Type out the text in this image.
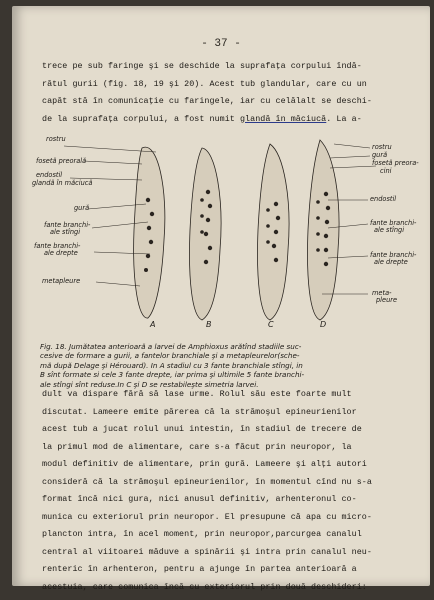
- 37 -
trece pe sub faringe şi se deschide la suprafaţa corpului îndă-
rătul gurii (fig. 18, 19 şi 20). Acest tub glandular, care cu un
capăt stă în comunicaţie cu faringele, iar cu celălalt se deschi-
de la suprafaţa corpului, a fost numit glandă în măciucă. La a-
rostru
fosetă preorală
endostil
glandă în măciucă
gură
fante branchi-
ale stîngi
fante branchi-
ale drepte
metapleure
rostru
gură
fosetă preora-
cini
endostil
fante branchi-
ale stîngi
fante branchi-
ale drepte
meta-
pleure
A	B	C	D
Fig. 18. Jumătatea anterioară a larvei de Amphioxus arătînd stadiile suc-
cesive de formare a gurii, a fantelor branchiale şi a metapleurelor(sche-
mă după Delage şi Hérouard). In A stadiul cu 3 fante branchiale stîngi, in
B sînt formate si cele 3 fante drepte, iar prima şi ultimile 5 fante branchi-
ale stîngi sînt reduse.In C şi D se restabileşte simetria larvei.
dult va dispare fără să lase urme. Rolul său este foarte mult
discutat. Lameere emite părerea că la strămoşul epineurienilor
acest tub a jucat rolul unui intestin, în stadiul de trecere de
la primul mod de alimentare, care s-a făcut prin neuropor, la
modul definitiv de alimentare, prin gură. Lameere şi alţi autori
consideră că la strămoşul epineurienilor, în momentul cînd nu s-a
format încă nici gura, nici anusul definitiv, arhenteronul co-
munica cu exteriorul prin neuropor. El presupune că apa cu micro-
plancton intra, în acel moment, prin neuropor,parcurgea canalul
central al viitoarei măduve a spinării şi intra prin canalul neu-
renteric în arhenteron, pentru a ajunge în partea anterioară a
acestuia, care comunica încă cu exteriorul prin două deschideri:
